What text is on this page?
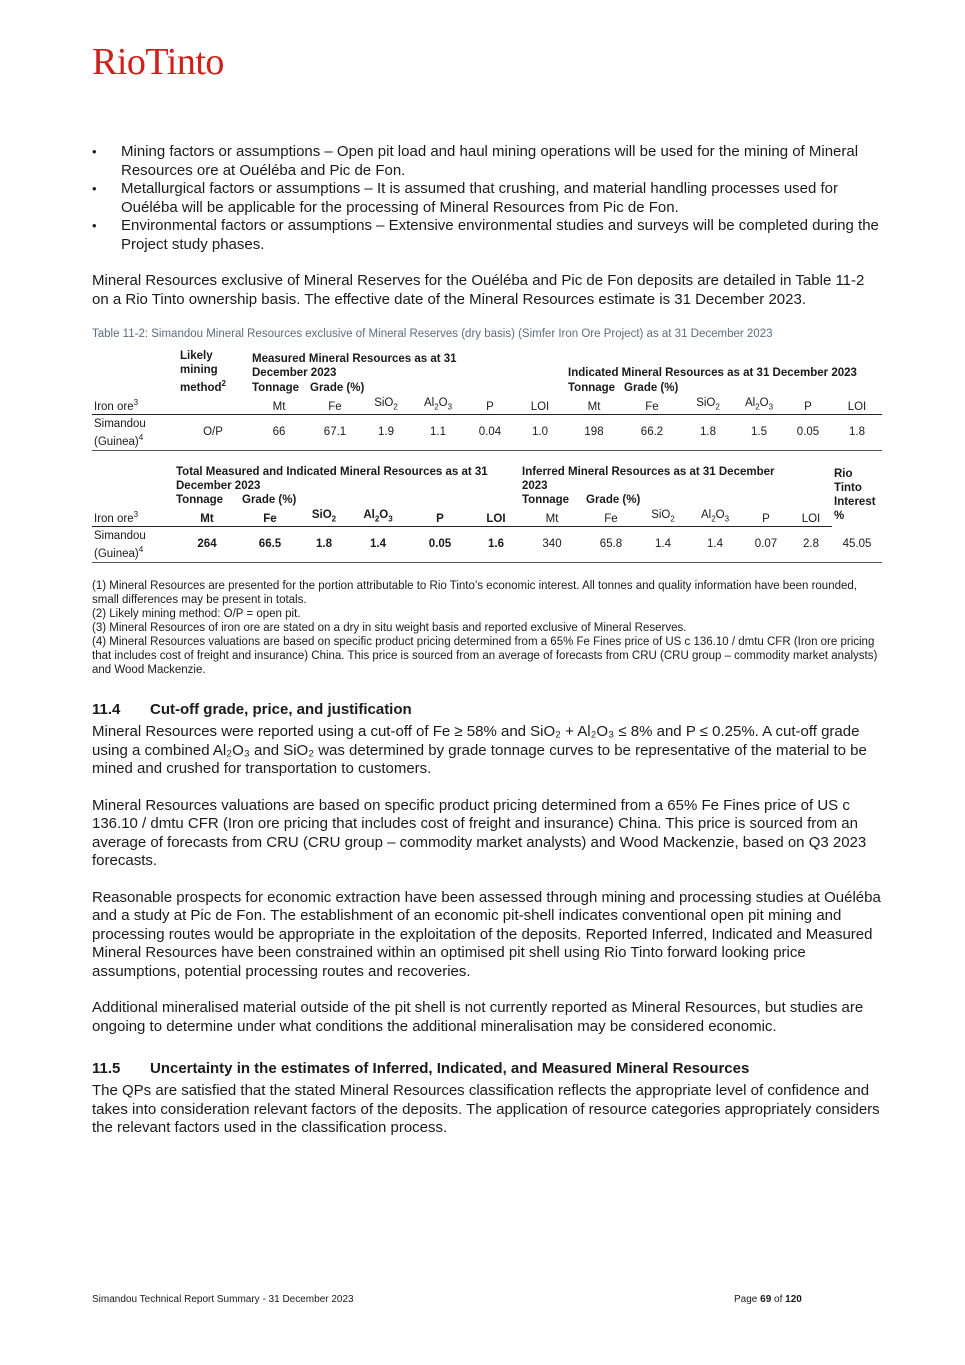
RioTinto
• Mining factors or assumptions – Open pit load and haul mining operations will be used for the mining of Mineral Resources ore at Ouéléba and Pic de Fon.
• Metallurgical factors or assumptions – It is assumed that crushing, and material handling processes used for Ouéléba will be applicable for the processing of Mineral Resources from Pic de Fon.
• Environmental factors or assumptions – Extensive environmental studies and surveys will be completed during the Project study phases.

Mineral Resources exclusive of Mineral Reserves for the Ouéléba and Pic de Fon deposits are detailed in Table 11-2 on a Rio Tinto ownership basis. The effective date of the Mineral Resources estimate is 31 December 2023.

Table 11-2: Simandou Mineral Resources exclusive of Mineral Reserves (dry basis) (Simfer Iron Ore Project) as at 31 December 2023
	Likely mining method$^2$	Measured Mineral Resources as at 31 December 2023						Indicated Mineral Resources as at 31 December 2023					
		Tonnage	Grade (%)					Tonnage	Grade (%)				
Iron ore$^3$		Mt	Fe	SiO$_2$	$Al_2O_3$	P	LOI	Mt	Fe	SiO$_2$	$Al_2O_3$	P	LOI
Simandou (Guinea)$^4$	O/P	66	67.1	1.9	1.1	0.04	1.0	198	66.2	1.8	1.5	0.05	1.8
	Total Measured and Indicated Mineral Resources as at 31 December 2023						Inferred Mineral Resources as at 31 December 2023						Rio Tinto Interest %
	Tonnage	Grade (%)					Tonnage	Grade (%)					
Iron ore$^3$	Mt	Fe	SiO$_2$	$Al_2O_3$	P	LOI	Mt	Fe	SiO$_2$	$Al_2O_3$	P	LOI	
Simandou (Guinea)$^4$	264	66.5	1.8	1.4	0.05	1.6	340	65.8	1.4	1.4	0.07	2.8	45.05
(1) Mineral Resources are presented for the portion attributable to Rio Tinto’s economic interest. All tonnes and quality information have been rounded, small differences may be present in totals.
(2) Likely mining method: O/P = open pit.
(3) Mineral Resources of iron ore are stated on a dry in situ weight basis and reported exclusive of Mineral Reserves.
(4) Mineral Resources valuations are based on specific product pricing determined from a 65% Fe Fines price of US c 136.10 / dmtu CFR (Iron ore pricing that includes cost of freight and insurance) China. This price is sourced from an average of forecasts from CRU (CRU group – commodity market analysts) and Wood Mackenzie.
11.4 Cut-off grade, price, and justification

Mineral Resources were reported using a cut-off of Fe ≥ 58% and SiO₂ + Al₂O₃ ≤ 8% and P ≤ 0.25%. A cut-off grade using a combined Al₂O₃ and SiO₂ was determined by grade tonnage curves to be representative of the material to be mined and crushed for transportation to customers.

Mineral Resources valuations are based on specific product pricing determined from a 65% Fe Fines price of US c 136.10 / dmtu CFR (Iron ore pricing that includes cost of freight and insurance) China. This price is sourced from an average of forecasts from CRU (CRU group – commodity market analysts) and Wood Mackenzie, based on Q3 2023 forecasts.

Reasonable prospects for economic extraction have been assessed through mining and processing studies at Ouéléba and a study at Pic de Fon. The establishment of an economic pit-shell indicates conventional open pit mining and processing routes would be appropriate in the exploitation of the deposits. Reported Inferred, Indicated and Measured Mineral Resources have been constrained within an optimised pit shell using Rio Tinto forward looking price assumptions, potential processing routes and recoveries.

Additional mineralised material outside of the pit shell is not currently reported as Mineral Resources, but studies are ongoing to determine under what conditions the additional mineralisation may be considered economic.

11.5 Uncertainty in the estimates of Inferred, Indicated, and Measured Mineral Resources

The QPs are satisfied that the stated Mineral Resources classification reflects the appropriate level of confidence and takes into consideration relevant factors of the deposits. The application of resource categories appropriately considers the relevant factors used in the classification process.

Simandou Technical Report Summary - 31 December 2023	Page 69 of 120
